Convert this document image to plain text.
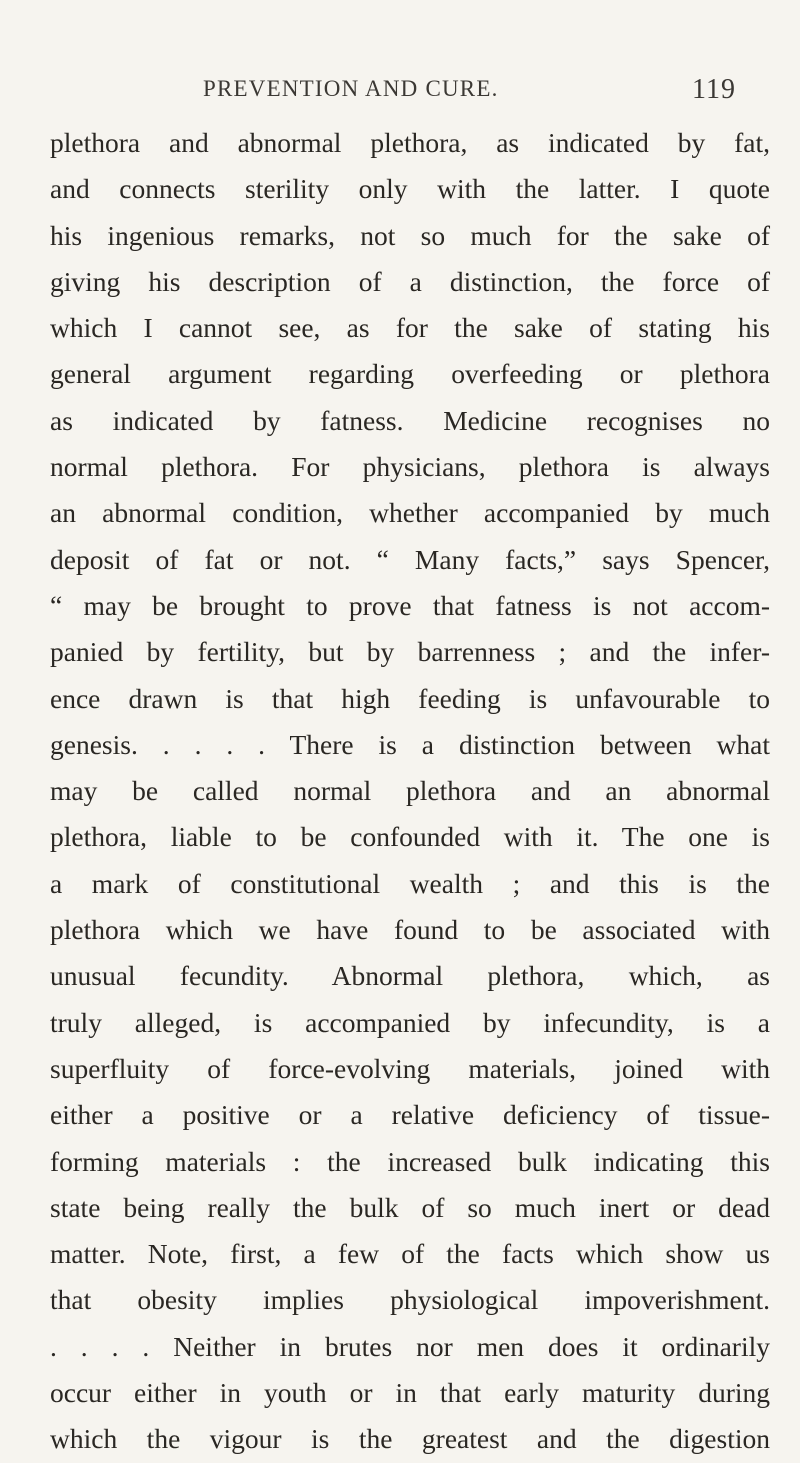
PREVENTION AND CURE.	119
plethora and abnormal plethora, as indicated by fat,
and connects sterility only with the latter. I quote
his ingenious remarks, not so much for the sake of
giving his description of a distinction, the force of
which I cannot see, as for the sake of stating his
general argument regarding overfeeding or plethora
as indicated by fatness. Medicine recognises no
normal plethora. For physicians, plethora is always
an abnormal condition, whether accompanied by much
deposit of fat or not. “ Many facts,” says Spencer,
“ may be brought to prove that fatness is not accom-
panied by fertility, but by barrenness ; and the infer-
ence drawn is that high feeding is unfavourable to
genesis. . . . . There is a distinction between what
may be called normal plethora and an abnormal
plethora, liable to be confounded with it. The one is
a mark of constitutional wealth ; and this is the
plethora which we have found to be associated with
unusual fecundity. Abnormal plethora, which, as
truly alleged, is accompanied by infecundity, is a
superfluity of force-evolving materials, joined with
either a positive or a relative deficiency of tissue-
forming materials : the increased bulk indicating this
state being really the bulk of so much inert or dead
matter. Note, first, a few of the facts which show us
that obesity implies physiological impoverishment.
. . . . Neither in brutes nor men does it ordinarily
occur either in youth or in that early maturity during
which the vigour is the greatest and the digestion
